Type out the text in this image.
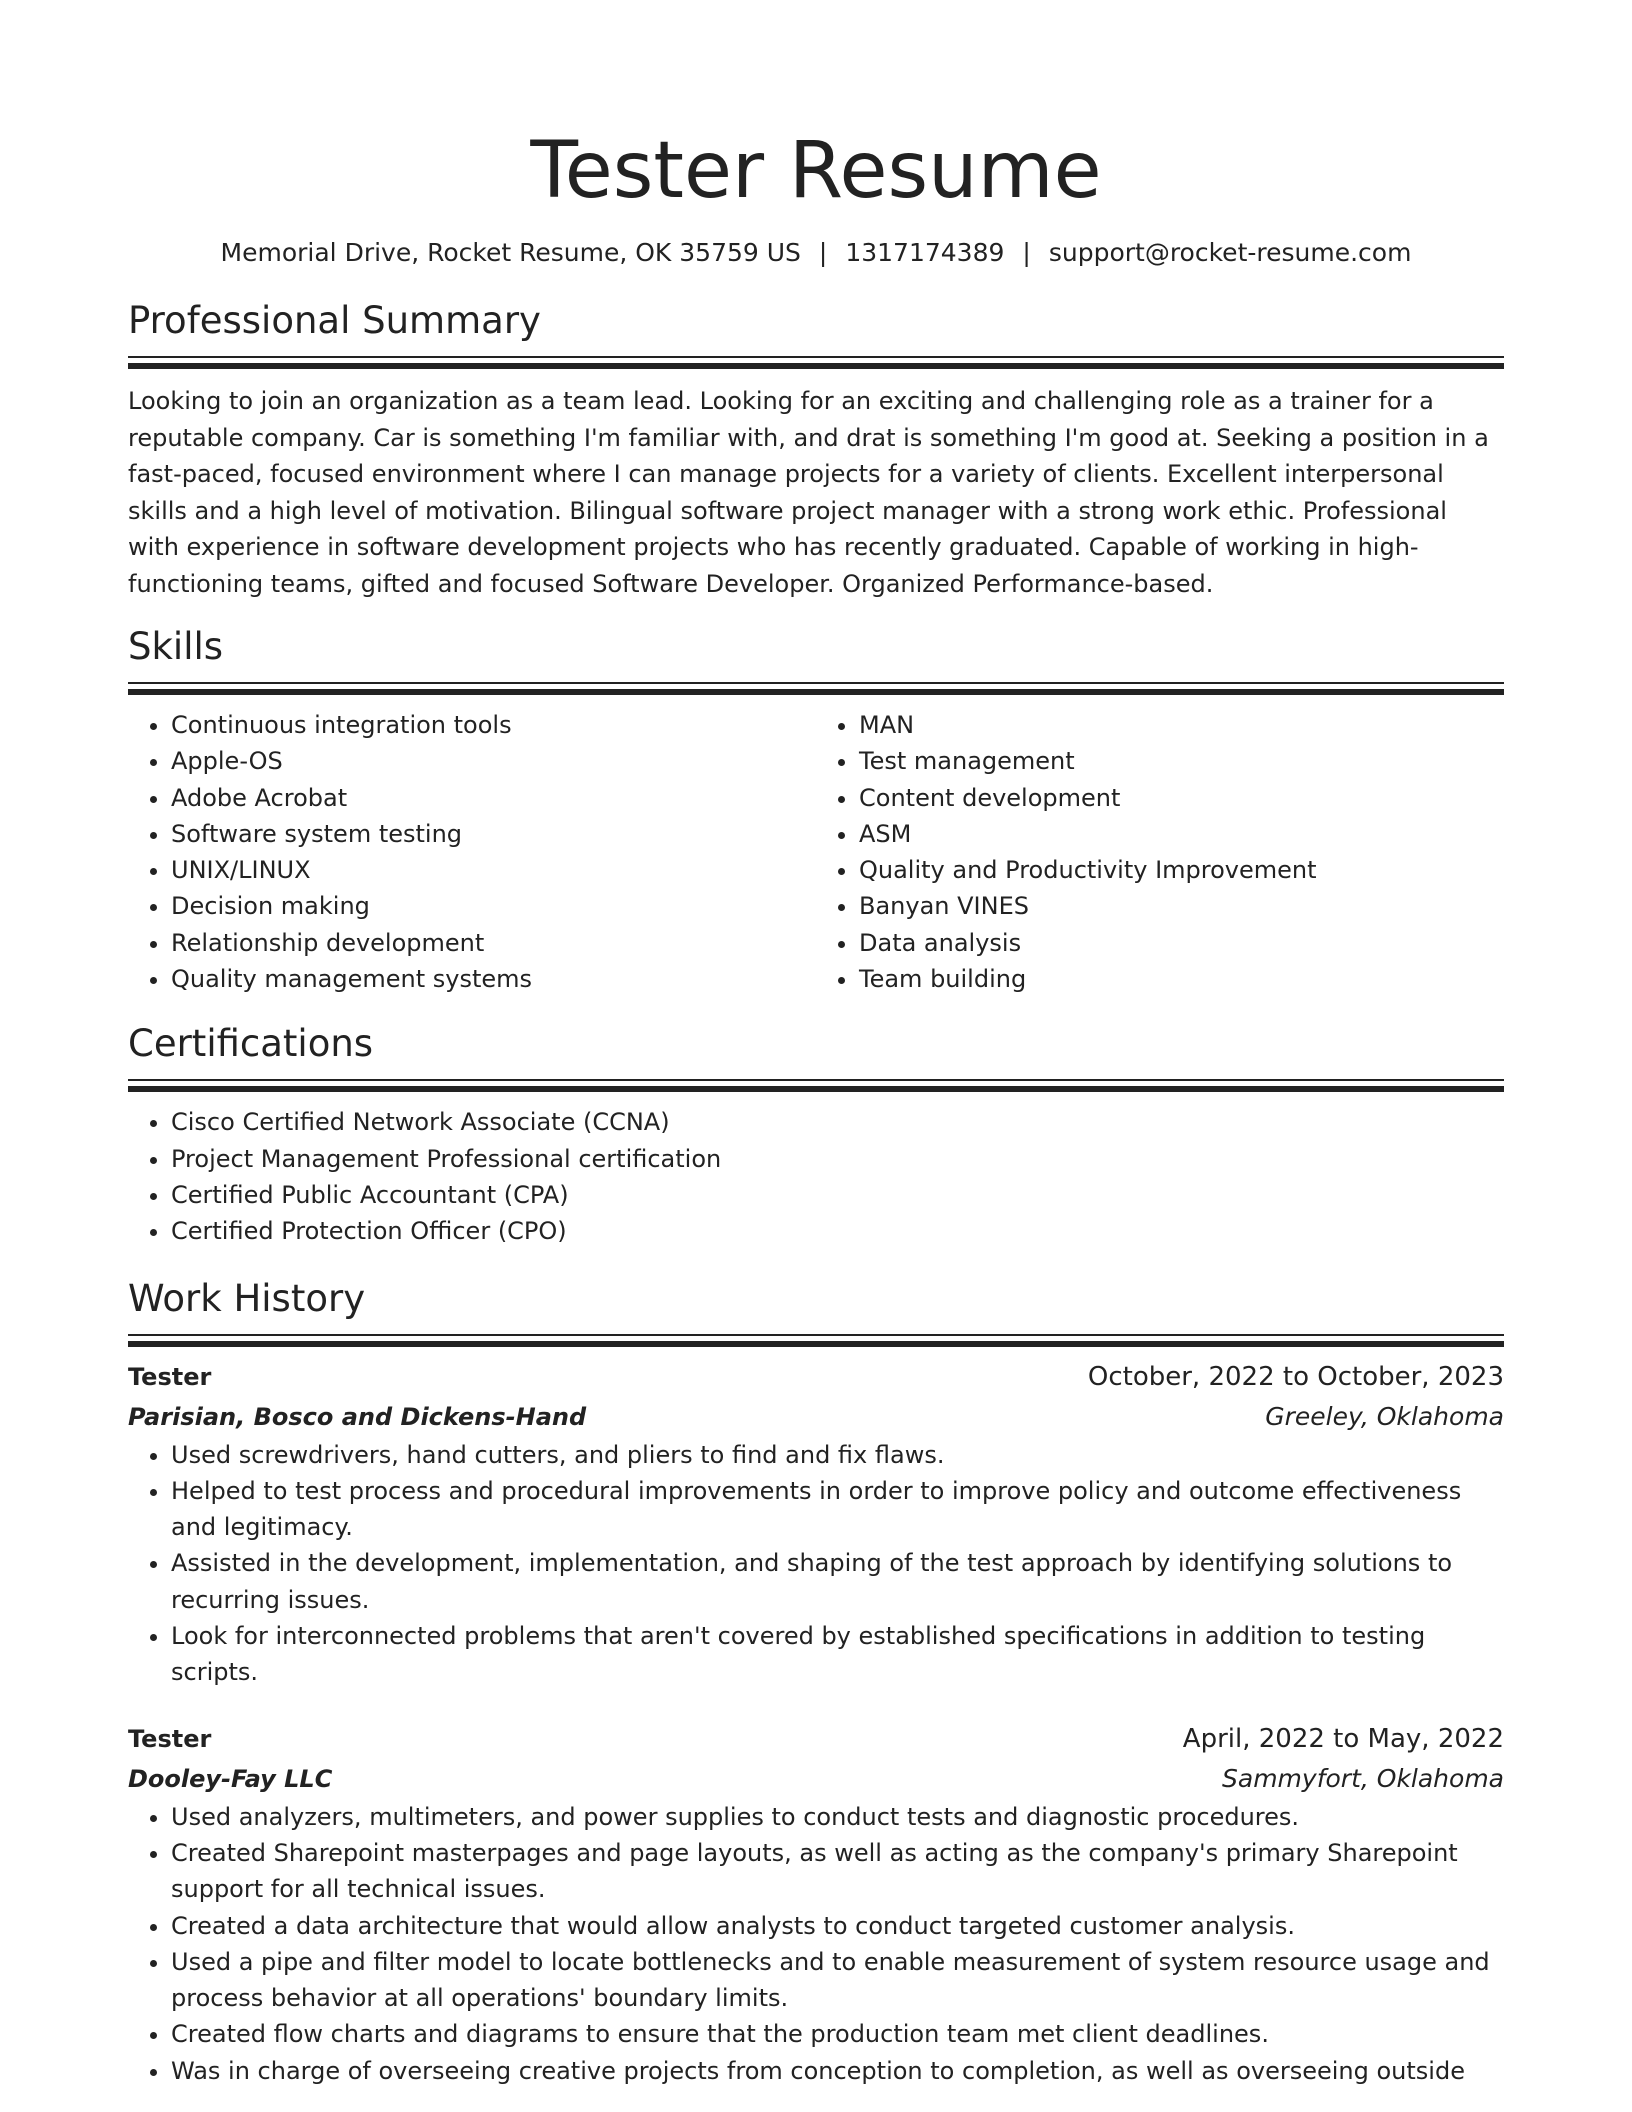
Tester Resume
Memorial Drive, Rocket Resume, OK 35759 US | 1317174389 | support@rocket-resume.com
Professional Summary
Looking to join an organization as a team lead. Looking for an exciting and challenging role as a trainer for a reputable company. Car is something I'm familiar with, and drat is something I'm good at. Seeking a position in a fast-paced, focused environment where I can manage projects for a variety of clients. Excellent interpersonal skills and a high level of motivation. Bilingual software project manager with a strong work ethic. Professional with experience in software development projects who has recently graduated. Capable of working in high-functioning teams, gifted and focused Software Developer. Organized Performance-based.
Skills
• Continuous integration tools
• Apple-OS
• Adobe Acrobat
• Software system testing
• UNIX/LINUX
• Decision making
• Relationship development
• Quality management systems
• MAN
• Test management
• Content development
• ASM
• Quality and Productivity Improvement
• Banyan VINES
• Data analysis
• Team building
Certifications
• Cisco Certified Network Associate (CCNA)
• Project Management Professional certification
• Certified Public Accountant (CPA)
• Certified Protection Officer (CPO)
Work History
Tester	October, 2022 to October, 2023
Parisian, Bosco and Dickens-Hand	Greeley, Oklahoma
• Used screwdrivers, hand cutters, and pliers to find and fix flaws.
• Helped to test process and procedural improvements in order to improve policy and outcome effectiveness and legitimacy.
• Assisted in the development, implementation, and shaping of the test approach by identifying solutions to recurring issues.
• Look for interconnected problems that aren't covered by established specifications in addition to testing scripts.
Tester	April, 2022 to May, 2022
Dooley-Fay LLC	Sammyfort, Oklahoma
• Used analyzers, multimeters, and power supplies to conduct tests and diagnostic procedures.
• Created Sharepoint masterpages and page layouts, as well as acting as the company's primary Sharepoint support for all technical issues.
• Created a data architecture that would allow analysts to conduct targeted customer analysis.
• Used a pipe and filter model to locate bottlenecks and to enable measurement of system resource usage and process behavior at all operations' boundary limits.
• Created flow charts and diagrams to ensure that the production team met client deadlines.
• Was in charge of overseeing creative projects from conception to completion, as well as overseeing outside
